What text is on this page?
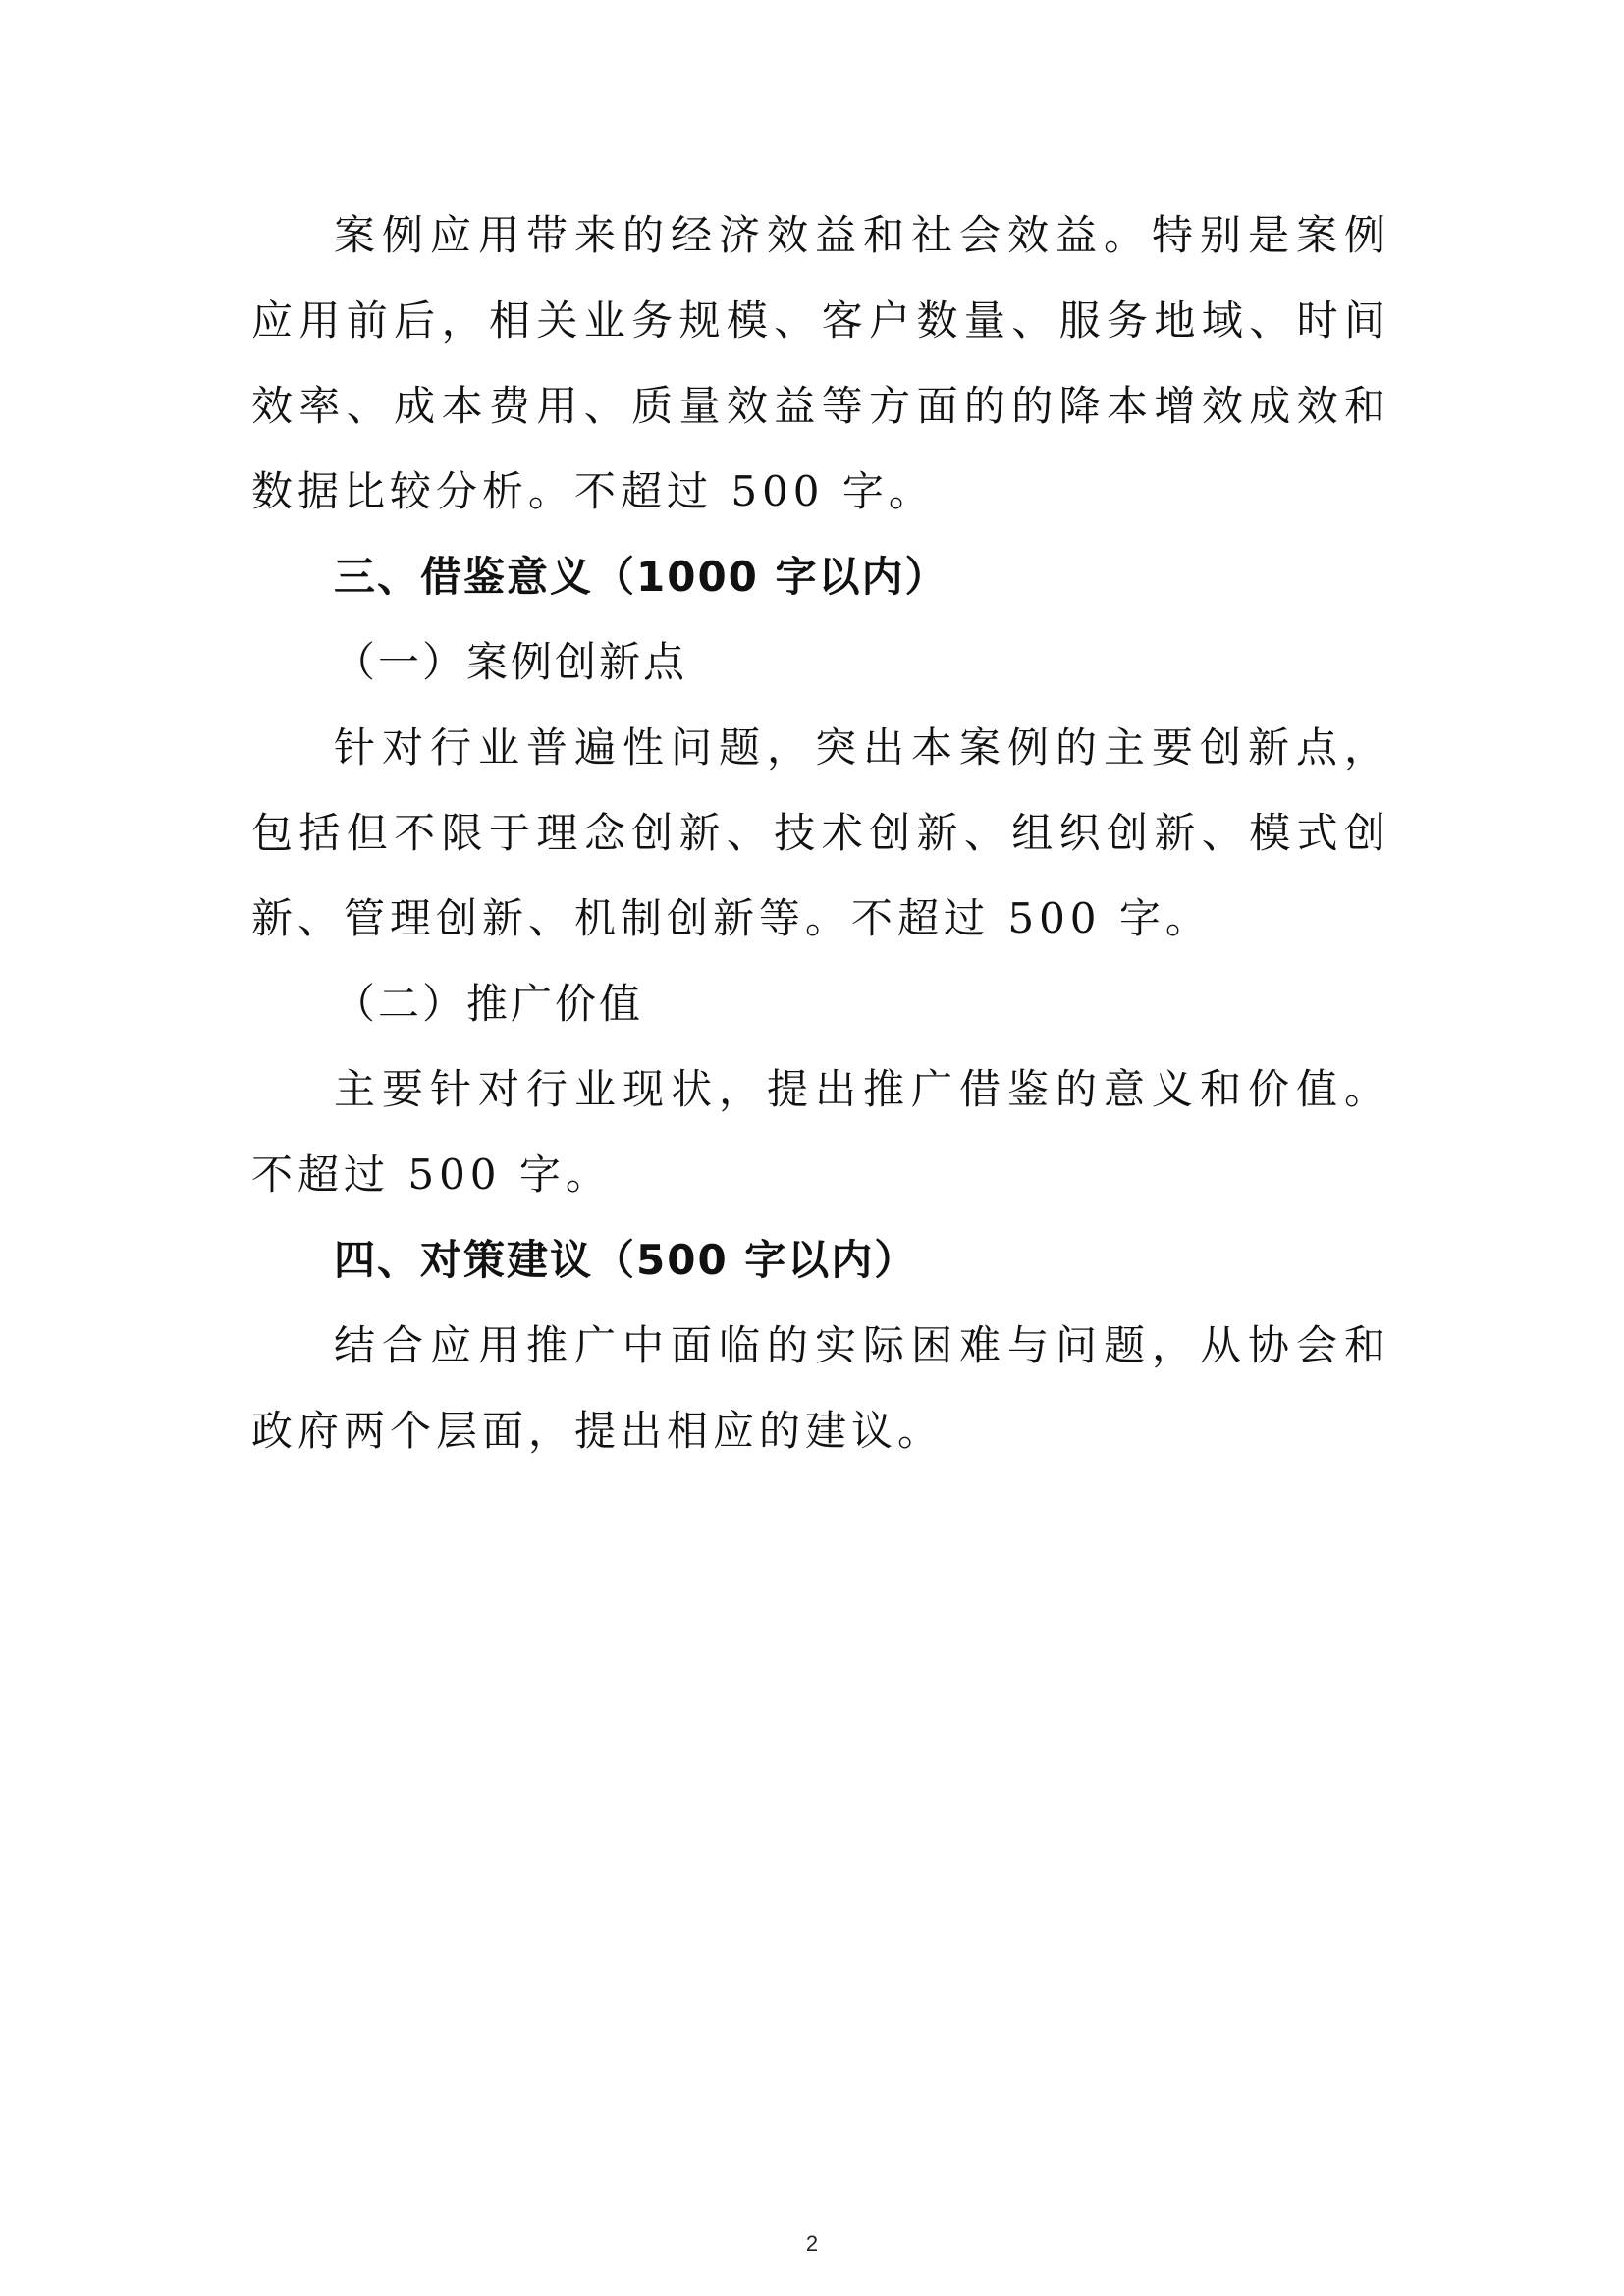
案例应用带来的经济效益和社会效益。特别是案例应用前后，相关业务规模、客户数量、服务地域、时间效率、成本费用、质量效益等方面的的降本增效成效和数据比较分析。不超过 500 字。

三、借鉴意义（1000 字以内）

（一）案例创新点

针对行业普遍性问题，突出本案例的主要创新点，包括但不限于理念创新、技术创新、组织创新、模式创新、管理创新、机制创新等。不超过 500 字。

（二）推广价值

主要针对行业现状，提出推广借鉴的意义和价值。不超过 500 字。

四、对策建议（500 字以内）

结合应用推广中面临的实际困难与问题，从协会和政府两个层面，提出相应的建议。

2
